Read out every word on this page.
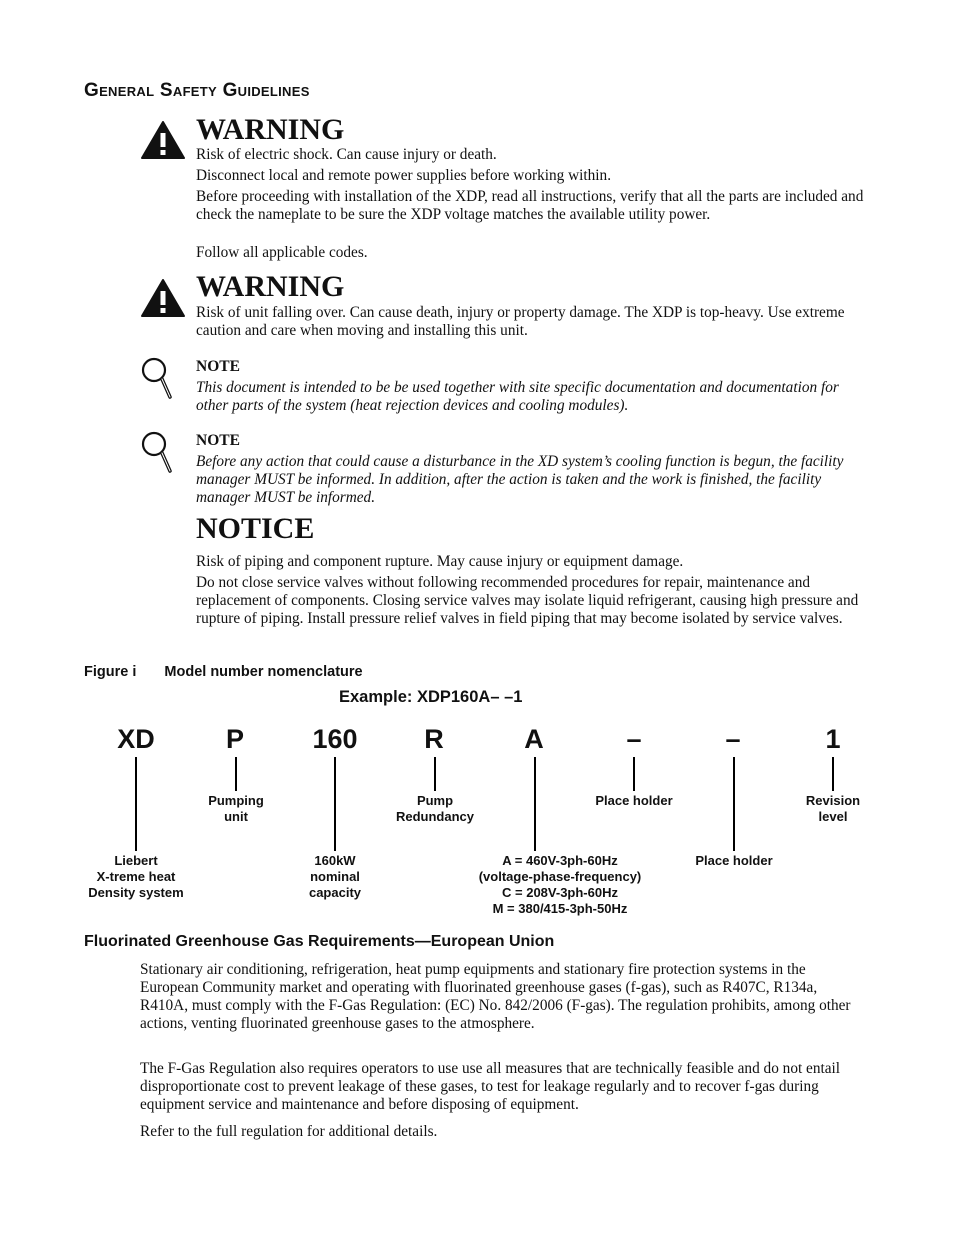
General Safety Guidelines
WARNING
Risk of electric shock. Can cause injury or death.
Disconnect local and remote power supplies before working within.
Before proceeding with installation of the XDP, read all instructions, verify that all the parts are included and check the nameplate to be sure the XDP voltage matches the available utility power.
Follow all applicable codes.
WARNING
Risk of unit falling over. Can cause death, injury or property damage. The XDP is top-heavy. Use extreme caution and care when moving and installing this unit.
NOTE
This document is intended to be be used together with site specific documentation and documentation for other parts of the system (heat rejection devices and cooling modules).
NOTE
Before any action that could cause a disturbance in the XD system’s cooling function is begun, the facility manager MUST be informed. In addition, after the action is taken and the work is finished, the facility manager MUST be informed.
NOTICE
Risk of piping and component rupture. May cause injury or equipment damage.
Do not close service valves without following recommended procedures for repair, maintenance and replacement of components. Closing service valves may isolate liquid refrigerant, causing high pressure and rupture of piping. Install pressure relief valves in field piping that may become isolated by service valves.
Figure i Model number nomenclature
Example: XDP160A– –1
XD	P	160	R	A	–	–	1
Pumping
unit
Pump
Redundancy
Place holder	Revision
level
Liebert
X-treme heat
Density system
160kW
nominal
capacity
A = 460V-3ph-60Hz
(voltage-phase-frequency)
C = 208V-3ph-60Hz
M = 380/415-3ph-50Hz
Place holder
Fluorinated Greenhouse Gas Requirements—European Union
Stationary air conditioning, refrigeration, heat pump equipments and stationary fire protection systems in the European Community market and operating with fluorinated greenhouse gases (f-gas), such as R407C, R134a, R410A, must comply with the F-Gas Regulation: (EC) No. 842/2006 (F-gas). The regulation prohibits, among other actions, venting fluorinated greenhouse gases to the atmosphere.
The F-Gas Regulation also requires operators to use use all measures that are technically feasible and do not entail disproportionate cost to prevent leakage of these gases, to test for leakage regularly and to recover f-gas during equipment service and maintenance and before disposing of equipment.
Refer to the full regulation for additional details.
